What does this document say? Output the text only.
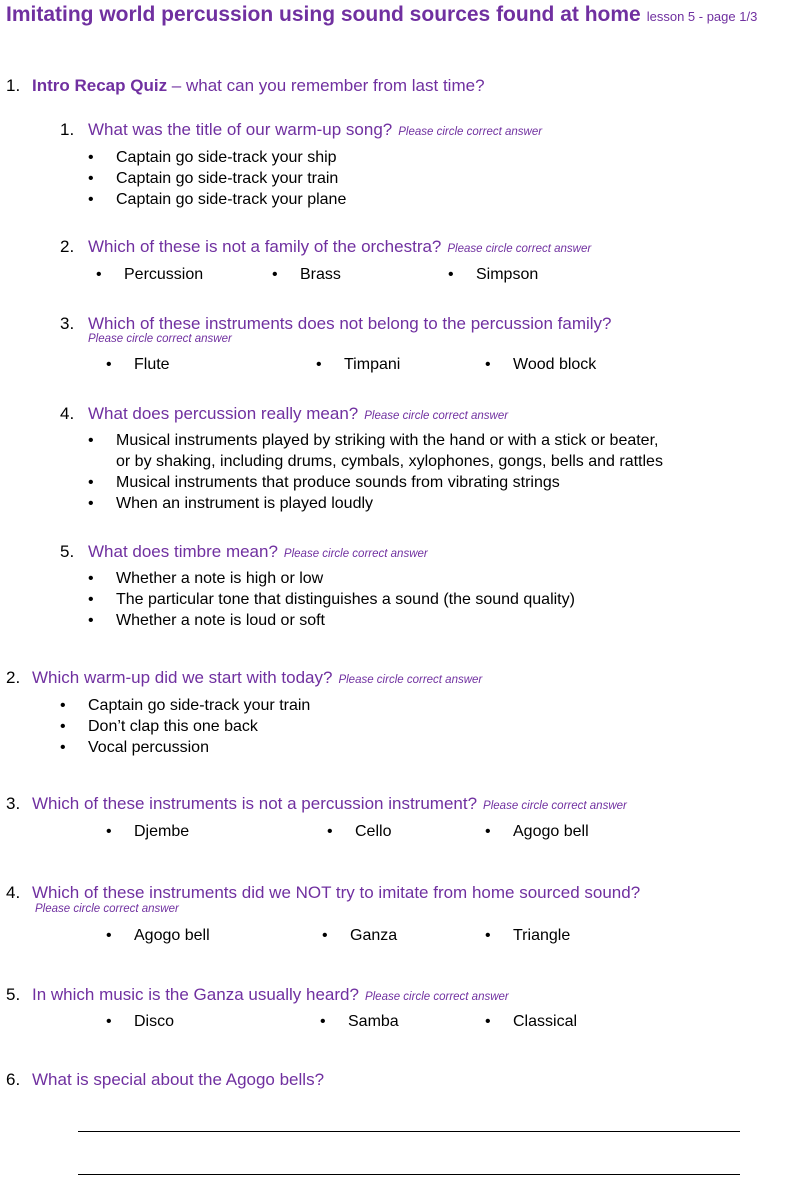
Imitating world percussion using sound sources found at home lesson 5 - page 1/3
1. Intro Recap Quiz – what can you remember from last time?
1. What was the title of our warm-up song? Please circle correct answer
• Captain go side-track your ship
• Captain go side-track your train
• Captain go side-track your plane
2. Which of these is not a family of the orchestra? Please circle correct answer
• Percussion	• Brass	• Simpson
3. Which of these instruments does not belong to the percussion family?
Please circle correct answer
• Flute	• Timpani	• Wood block
4. What does percussion really mean? Please circle correct answer
• Musical instruments played by striking with the hand or with a stick or beater,
or by shaking, including drums, cymbals, xylophones, gongs, bells and rattles
• Musical instruments that produce sounds from vibrating strings
• When an instrument is played loudly
5. What does timbre mean? Please circle correct answer
• Whether a note is high or low
• The particular tone that distinguishes a sound (the sound quality)
• Whether a note is loud or soft
2. Which warm-up did we start with today? Please circle correct answer
• Captain go side-track your train
• Don’t clap this one back
• Vocal percussion
3. Which of these instruments is not a percussion instrument? Please circle correct answer
• Djembe	• Cello	• Agogo bell
4. Which of these instruments did we NOT try to imitate from home sourced sound?
Please circle correct answer
• Agogo bell	• Ganza	• Triangle
5. In which music is the Ganza usually heard? Please circle correct answer
• Disco	• Samba	• Classical
6. What is special about the Agogo bells?
